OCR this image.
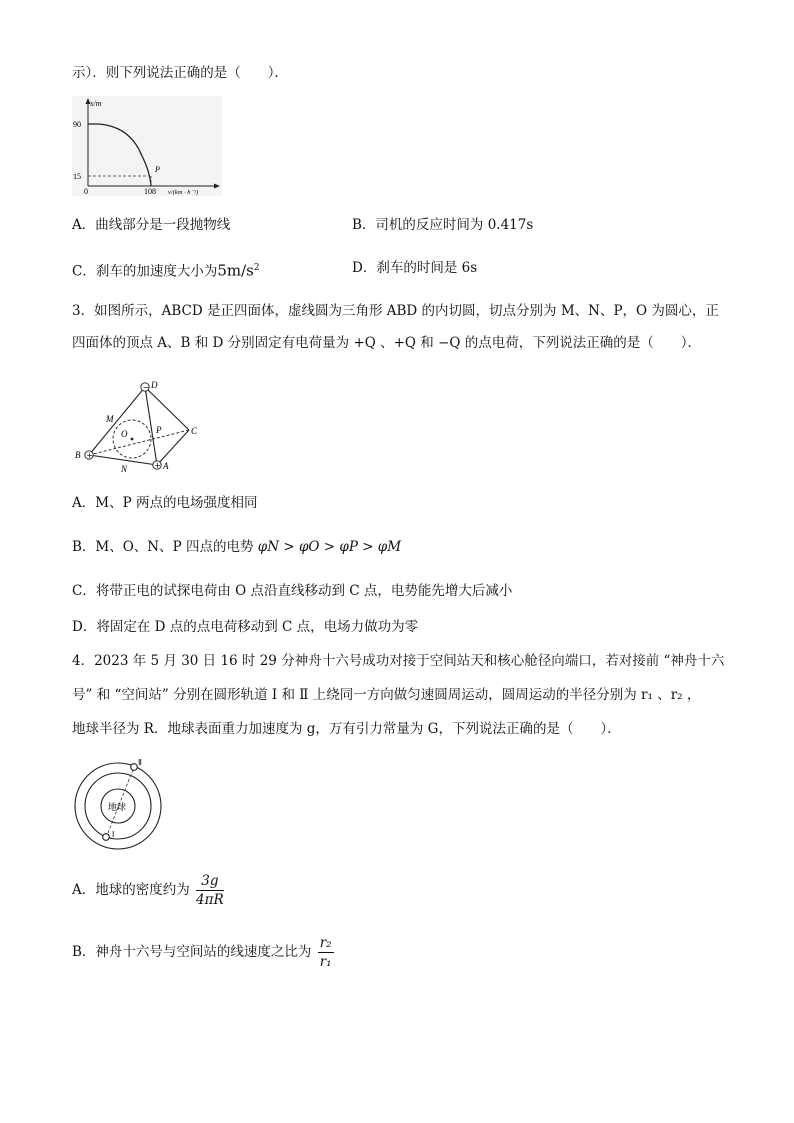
示）．则下列说法正确的是（　　）．
x/m
90
15
0	108
P
v/(km · h⁻¹)
A．曲线部分是一段抛物线	B．司机的反应时间为 0.417s
C．刹车的加速度大小为$5m/s^2$	D．刹车的时间是 6s
3．如图所示，ABCD 是正四面体，虚线圆为三角形 ABD 的内切圆，切点分别为 M、N、P，O 为圆心，正
四面体的顶点 A、B 和 D 分别固定有电荷量为 +Q 、+Q 和 −Q 的点电荷，下列说法正确的是（　　）．
−
+
+
D
M
O	P	C
B
N	A
A．M、P 两点的电场强度相同
B．M、O、N、P 四点的电势 φN > φO > φP > φM
C．将带正电的试探电荷由 O 点沿直线移动到 C 点，电势能先增大后减小
D．将固定在 D 点的点电荷移动到 C 点，电场力做功为零
4．2023 年 5 月 30 日 16 时 29 分神舟十六号成功对接于空间站天和核心舱径向端口，若对接前 “神舟十六
号” 和 “空间站” 分别在圆形轨道 Ⅰ 和 Ⅱ 上绕同一方向做匀速圆周运动，圆周运动的半径分别为 r₁ 、r₂ ，
地球半径为 R．地球表面重力加速度为 g，万有引力常量为 G，下列说法正确的是（　　）．
地球
Ⅰ
Ⅱ
A．地球的密度约为 $\frac{3g}{4\pi R}$
B．神舟十六号与空间站的线速度之比为 $\frac{\text{r₂}}{\text{r₁}}$
